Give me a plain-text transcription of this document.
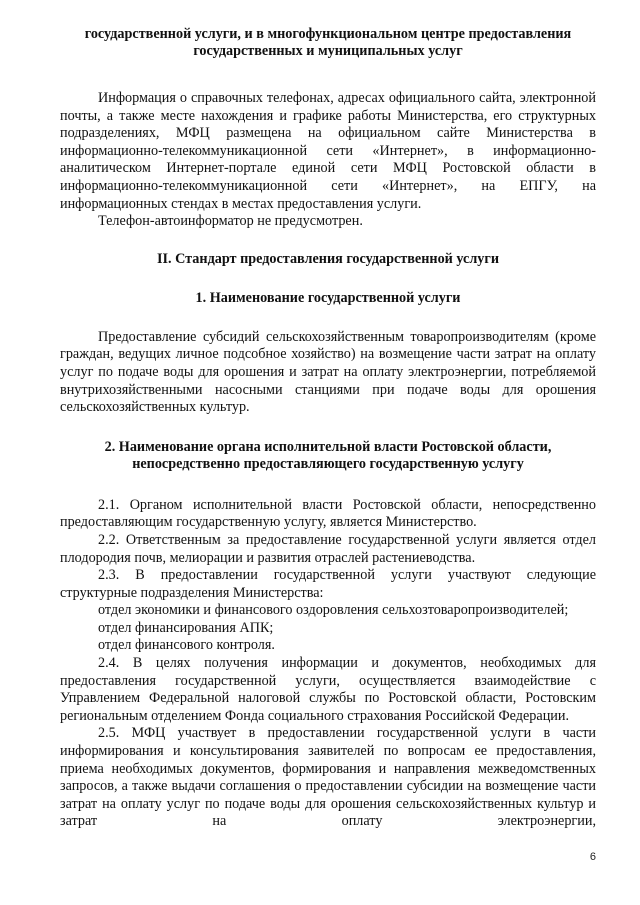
государственной услуги, и в многофункциональном центре предоставления
государственных и муниципальных услуг

Информация о справочных телефонах, адресах официального сайта, электронной почты, а также месте нахождения и графике работы Министерства, его структурных подразделениях, МФЦ размещена на официальном сайте Министерства в информационно-телекоммуникационной сети «Интернет», в информационно-аналитическом Интернет-портале единой сети МФЦ Ростовской области в информационно-телекоммуникационной сети «Интернет», на ЕПГУ, на информационных стендах в местах предоставления услуги.

Телефон-автоинформатор не предусмотрен.

II. Стандарт предоставления государственной услуги
1. Наименование государственной услуги

Предоставление субсидий сельскохозяйственным товаропроизводителям (кроме граждан, ведущих личное подсобное хозяйство) на возмещение части затрат на оплату услуг по подаче воды для орошения и затрат на оплату электроэнергии, потребляемой внутрихозяйственными насосными станциями при подаче воды для орошения сельскохозяйственных культур.

2. Наименование органа исполнительной власти Ростовской области,
непосредственно предоставляющего государственную услугу

2.1. Органом исполнительной власти Ростовской области, непосредственно предоставляющим государственную услугу, является Министерство.

2.2. Ответственным за предоставление государственной услуги является отдел плодородия почв, мелиорации и развития отраслей растениеводства.

2.3. В предоставлении государственной услуги участвуют следующие структурные подразделения Министерства:

отдел экономики и финансового оздоровления сельхозтоваропроизводителей;

отдел финансирования АПК;

отдел финансового контроля.

2.4. В целях получения информации и документов, необходимых для предоставления государственной услуги, осуществляется взаимодействие с Управлением Федеральной налоговой службы по Ростовской области, Ростовским региональным отделением Фонда социального страхования Российской Федерации.

2.5. МФЦ участвует в предоставлении государственной услуги в части информирования и консультирования заявителей по вопросам ее предоставления, приема необходимых документов, формирования и направления межведомственных запросов, а также выдачи соглашения о предоставлении субсидии на возмещение части затрат на оплату услуг по подаче воды для орошения сельскохозяйственных культур и затрат на оплату электроэнергии,

6
